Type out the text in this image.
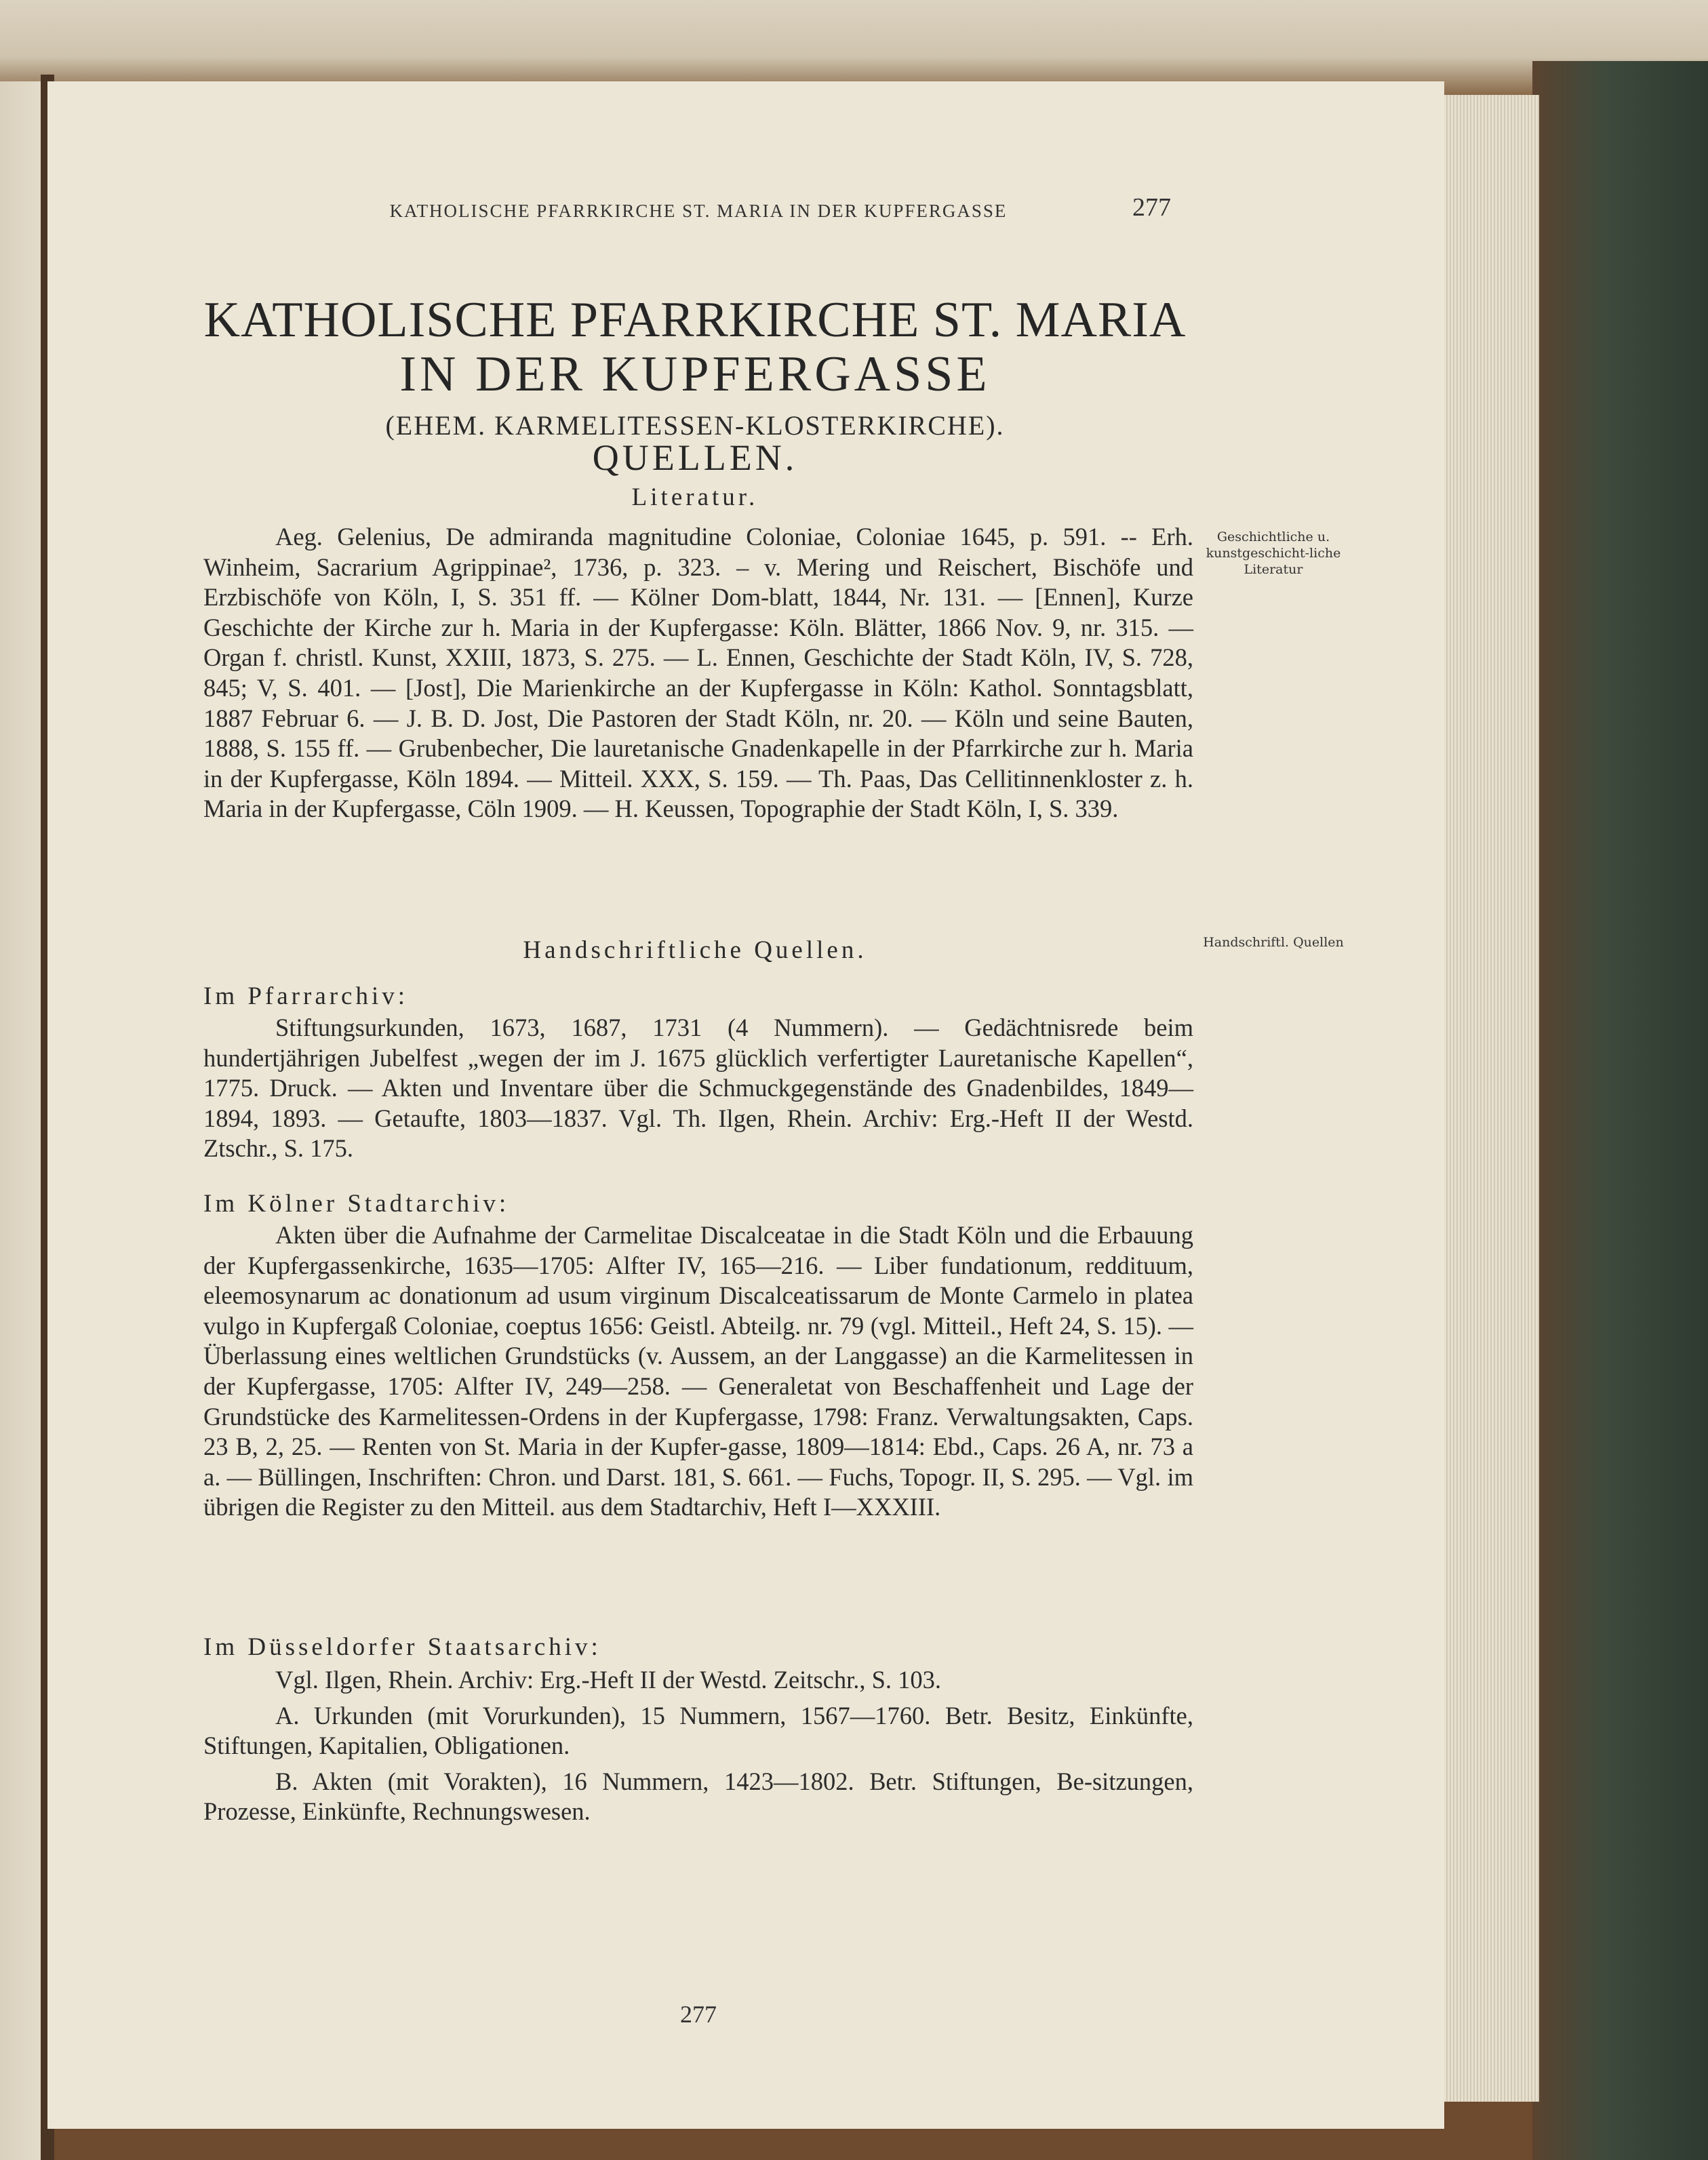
KATHOLISCHE PFARRKIRCHE ST. MARIA IN DER KUPFERGASSE	277
KATHOLISCHE PFARRKIRCHE ST. MARIA
IN DER KUPFERGASSE
(EHEM. KARMELITESSEN-KLOSTERKIRCHE).
QUELLEN.
Literatur.
Geschichtliche u. kunstgeschicht-liche Literatur

Aeg. Gelenius, De admiranda magnitudine Coloniae, Coloniae 1645, p. 591. -- Erh. Winheim, Sacrarium Agrippinae², 1736, p. 323. – v. Mering und Reischert, Bischöfe und Erzbischöfe von Köln, I, S. 351 ff. — Kölner Dom-blatt, 1844, Nr. 131. — [Ennen], Kurze Geschichte der Kirche zur h. Maria in der Kupfergasse: Köln. Blätter, 1866 Nov. 9, nr. 315. — Organ f. christl. Kunst, XXIII, 1873, S. 275. — L. Ennen, Geschichte der Stadt Köln, IV, S. 728, 845; V, S. 401. — [Jost], Die Marienkirche an der Kupfergasse in Köln: Kathol. Sonntagsblatt, 1887 Februar 6. — J. B. D. Jost, Die Pastoren der Stadt Köln, nr. 20. — Köln und seine Bauten, 1888, S. 155 ff. — Grubenbecher, Die lauretanische Gnadenkapelle in der Pfarrkirche zur h. Maria in der Kupfergasse, Köln 1894. — Mitteil. XXX, S. 159. — Th. Paas, Das Cellitinnenkloster z. h. Maria in der Kupfergasse, Cöln 1909. — H. Keussen, Topographie der Stadt Köln, I, S. 339.

Handschriftliche Quellen.	Handschriftl. Quellen
Im Pfarrarchiv:

Stiftungsurkunden, 1673, 1687, 1731 (4 Nummern). — Gedächtnisrede beim hundertjährigen Jubelfest „wegen der im J. 1675 glücklich verfertigter Lauretanische Kapellen“, 1775. Druck. — Akten und Inventare über die Schmuckgegenstände des Gnadenbildes, 1849—1894, 1893. — Getaufte, 1803—1837. Vgl. Th. Ilgen, Rhein. Archiv: Erg.-Heft II der Westd. Ztschr., S. 175.

Im Kölner Stadtarchiv:

Akten über die Aufnahme der Carmelitae Discalceatae in die Stadt Köln und die Erbauung der Kupfergassenkirche, 1635—1705: Alfter IV, 165—216. — Liber fundationum, reddituum, eleemosynarum ac donationum ad usum virginum Discalceatissarum de Monte Carmelo in platea vulgo in Kupfergaß Coloniae, coeptus 1656: Geistl. Abteilg. nr. 79 (vgl. Mitteil., Heft 24, S. 15). — Überlassung eines weltlichen Grundstücks (v. Aussem, an der Langgasse) an die Karmelitessen in der Kupfergasse, 1705: Alfter IV, 249—258. — Generaletat von Beschaffenheit und Lage der Grundstücke des Karmelitessen-Ordens in der Kupfergasse, 1798: Franz. Verwaltungsakten, Caps. 23 B, 2, 25. — Renten von St. Maria in der Kupfer-gasse, 1809—1814: Ebd., Caps. 26 A, nr. 73 a a. — Büllingen, Inschriften: Chron. und Darst. 181, S. 661. — Fuchs, Topogr. II, S. 295. — Vgl. im übrigen die Register zu den Mitteil. aus dem Stadtarchiv, Heft I—XXXIII.

Im Düsseldorfer Staatsarchiv:

Vgl. Ilgen, Rhein. Archiv: Erg.-Heft II der Westd. Zeitschr., S. 103.

A. Urkunden (mit Vorurkunden), 15 Nummern, 1567—1760. Betr. Besitz, Einkünfte, Stiftungen, Kapitalien, Obligationen.

B. Akten (mit Vorakten), 16 Nummern, 1423—1802. Betr. Stiftungen, Be-sitzungen, Prozesse, Einkünfte, Rechnungswesen.

277
